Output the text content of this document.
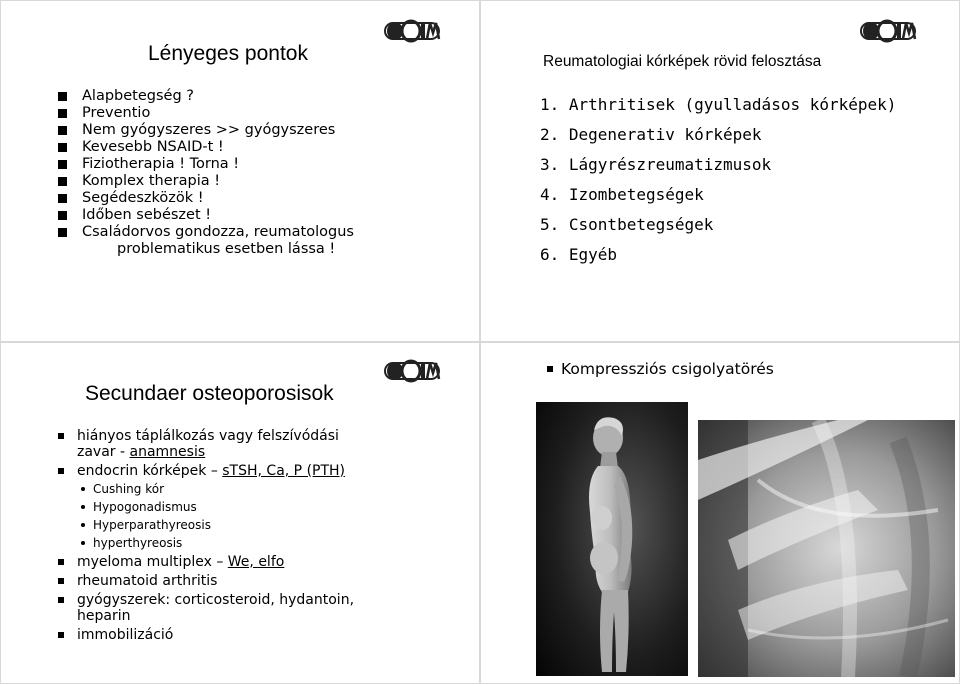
Lényeges pontok
Alapbetegség ?
Preventio
Nem gyógyszeres >> gyógyszeres
Kevesebb NSAID-t !
Fiziotherapia ! Torna !
Komplex therapia !
Segédeszközök !
Időben sebészet !
Családorvos gondozza, reumatologus
problematikus esetben lássa !
Reumatologiai kórképek rövid felosztása
1. Arthritisek (gyulladásos kórképek)
2. Degenerativ kórképek
3. Lágyrészreumatizmusok
4. Izombetegségek
5. Csontbetegségek
6. Egyéb
Secundaer osteoporosisok
hiányos táplálkozás vagy felszívódási
zavar - anamnesis
endocrin kórképek – sTSH, Ca, P (PTH)
Cushing kór
Hypogonadismus
Hyperparathyreosis
hyperthyreosis
myeloma multiplex – We, elfo
rheumatoid arthritis
gyógyszerek: corticosteroid, hydantoin,
heparin
immobilizáció
Kompressziós csigolyatörés
